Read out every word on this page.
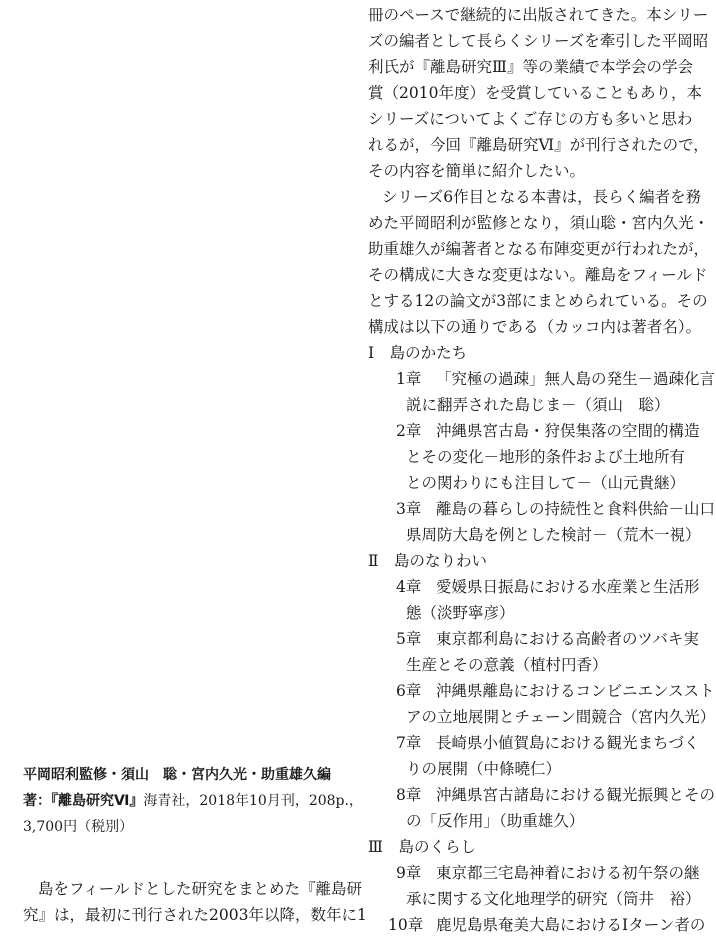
平岡昭利監修・須山　聡・宮内久光・助重雄久編
著：『離島研究Ⅵ』海青社，2018年10月刊，208p.，
3,700円（税別）
島をフィールドとした研究をまとめた『離島研
究』は，最初に刊行された2003年以降，数年に1
冊のペースで継続的に出版されてきた。本シリー
ズの編者として長らくシリーズを牽引した平岡昭
利氏が『離島研究Ⅲ』等の業績で本学会の学会
賞（2010年度）を受賞していることもあり，本
シリーズについてよくご存じの方も多いと思わ
れるが，今回『離島研究Ⅵ』が刊行されたので，
その内容を簡単に紹介したい。
シリーズ6作目となる本書は，長らく編者を務
めた平岡昭利が監修となり，須山聡・宮内久光・
助重雄久が編著者となる布陣変更が行われたが，
その構成に大きな変更はない。離島をフィールド
とする12の論文が3部にまとめられている。その
構成は以下の通りである（カッコ内は著者名）。
Ⅰ　島のかたち
1章 「究極の過疎」無人島の発生－過疎化言
説に翻弄された島じま－（須山　聡）
2章 沖縄県宮古島・狩俣集落の空間的構造
とその変化－地形的条件および土地所有
との関わりにも注目して－（山元貴継）
3章 離島の暮らしの持続性と食料供給－山口
県周防大島を例とした検討－（荒木一視）
Ⅱ　島のなりわい
4章 愛媛県日振島における水産業と生活形
態（淡野寧彦）
5章 東京都利島における高齢者のツバキ実
生産とその意義（植村円香）
6章 沖縄県離島におけるコンビニエンススト
アの立地展開とチェーン間競合（宮内久光）
7章 長崎県小値賀島における観光まちづく
りの展開（中條曉仁）
8章 沖縄県宮古諸島における観光振興とその
の「反作用」（助重雄久）
Ⅲ　島のくらし
9章 東京都三宅島神着における初午祭の継
承に関する文化地理学的研究（筒井　裕）
10章 鹿児島県奄美大島におけるIターン者の
